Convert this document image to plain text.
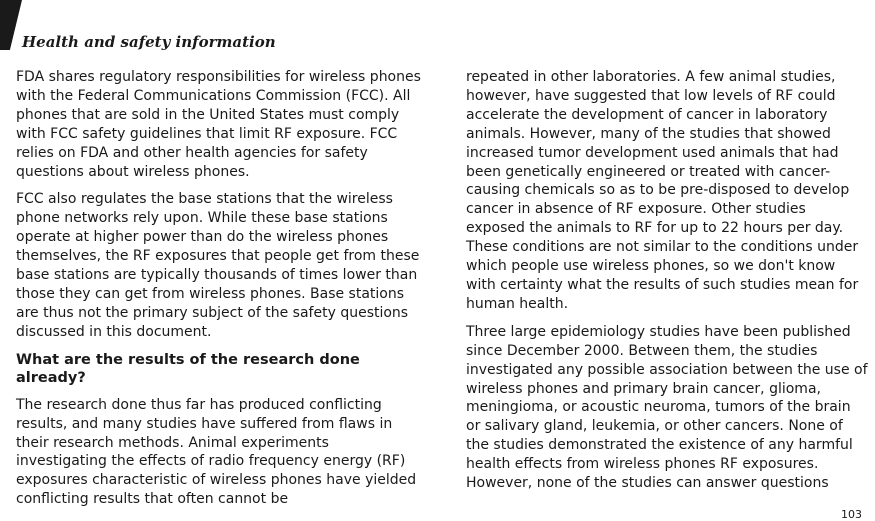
Health and safety information

FDA shares regulatory responsibilities for wireless phones with the Federal Communications Commission (FCC). All phones that are sold in the United States must comply with FCC safety guidelines that limit RF exposure. FCC relies on FDA and other health agencies for safety questions about wireless phones.

FCC also regulates the base stations that the wireless phone networks rely upon. While these base stations operate at higher power than do the wireless phones themselves, the RF exposures that people get from these base stations are typically thousands of times lower than those they can get from wireless phones. Base stations are thus not the primary subject of the safety questions discussed in this document.

What are the results of the research done already?

The research done thus far has produced conflicting results, and many studies have suffered from flaws in their research methods. Animal experiments investigating the effects of radio frequency energy (RF) exposures characteristic of wireless phones have yielded conflicting results that often cannot be

repeated in other laboratories. A few animal studies, however, have suggested that low levels of RF could accelerate the development of cancer in laboratory animals. However, many of the studies that showed increased tumor development used animals that had been genetically engineered or treated with cancer-causing chemicals so as to be pre-disposed to develop cancer in absence of RF exposure. Other studies exposed the animals to RF for up to 22 hours per day. These conditions are not similar to the conditions under which people use wireless phones, so we don't know with certainty what the results of such studies mean for human health.

Three large epidemiology studies have been published since December 2000. Between them, the studies investigated any possible association between the use of wireless phones and primary brain cancer, glioma, meningioma, or acoustic neuroma, tumors of the brain or salivary gland, leukemia, or other cancers. None of the studies demonstrated the existence of any harmful health effects from wireless phones RF exposures. However, none of the studies can answer questions

103
